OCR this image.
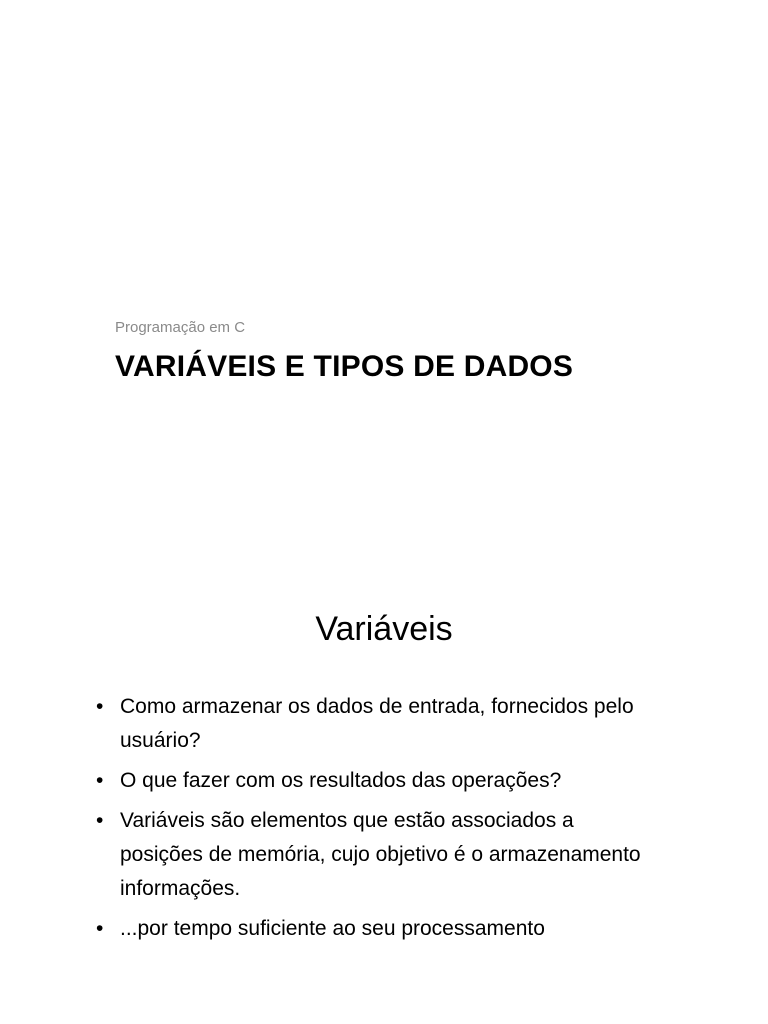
Programação em C
VARIÁVEIS E TIPOS DE DADOS
Variáveis
• Como armazenar os dados de entrada, fornecidos pelo usuário?
• O que fazer com os resultados das operações?
• Variáveis são elementos que estão associados a posições de memória, cujo objetivo é o armazenamento informações.
• ...por tempo suficiente ao seu processamento
